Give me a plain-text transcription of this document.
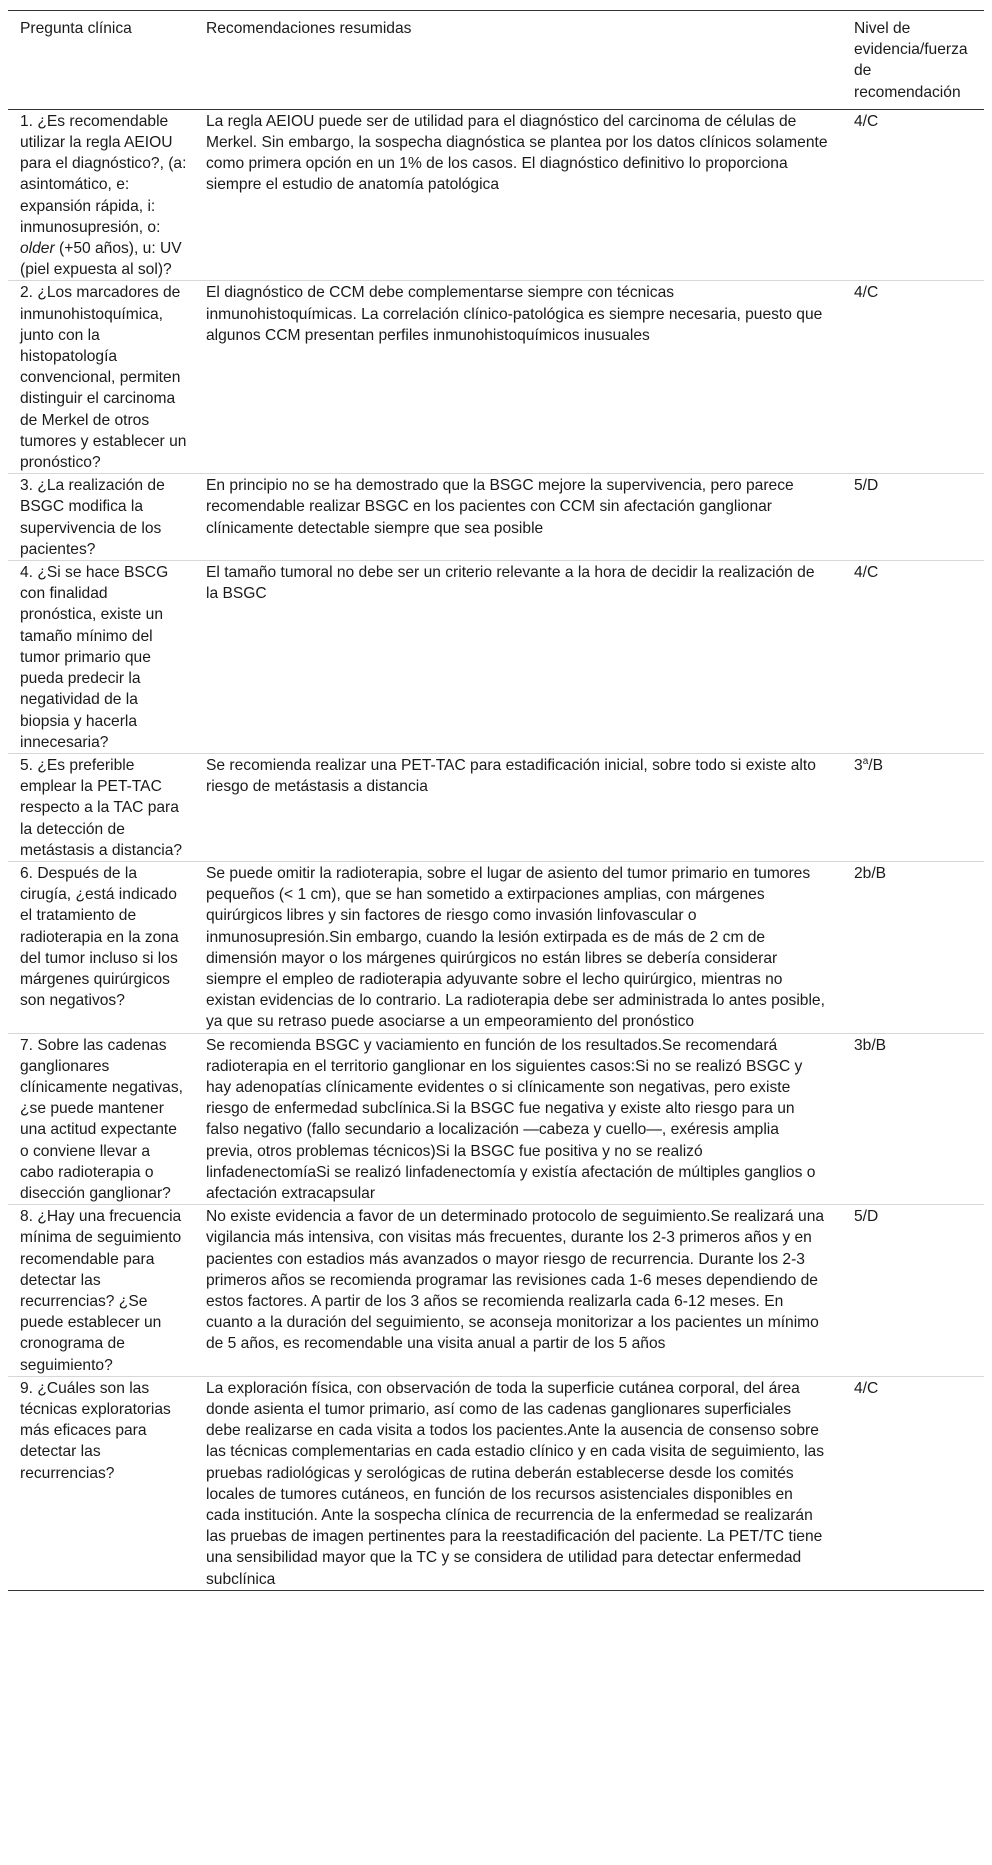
Pregunta clínica	Recomendaciones resumidas	Nivel de evidencia/fuerza de recomendación
1. ¿Es recomendable utilizar la regla AEIOU para el diagnóstico?, (a: asintomático, e: expansión rápida, i: inmunosupresión, o: older (+50 años), u: UV (piel expuesta al sol)?	La regla AEIOU puede ser de utilidad para el diagnóstico del carcinoma de células de Merkel. Sin embargo, la sospecha diagnóstica se plantea por los datos clínicos solamente como primera opción en un 1% de los casos. El diagnóstico definitivo lo proporciona siempre el estudio de anatomía patológica	4/C
2. ¿Los marcadores de inmunohistoquímica, junto con la histopatología convencional, permiten distinguir el carcinoma de Merkel de otros tumores y establecer un pronóstico?	El diagnóstico de CCM debe complementarse siempre con técnicas inmunohistoquímicas. La correlación clínico-patológica es siempre necesaria, puesto que algunos CCM presentan perfiles inmunohistoquímicos inusuales	4/C
3. ¿La realización de BSGC modifica la supervivencia de los pacientes?	En principio no se ha demostrado que la BSGC mejore la supervivencia, pero parece recomendable realizar BSGC en los pacientes con CCM sin afectación ganglionar clínicamente detectable siempre que sea posible	5/D
4. ¿Si se hace BSCG con finalidad pronóstica, existe un tamaño mínimo del tumor primario que pueda predecir la negatividad de la biopsia y hacerla innecesaria?	El tamaño tumoral no debe ser un criterio relevante a la hora de decidir la realización de la BSGC	4/C
5. ¿Es preferible emplear la PET-TAC respecto a la TAC para la detección de metástasis a distancia?	Se recomienda realizar una PET-TAC para estadificación inicial, sobre todo si existe alto riesgo de metástasis a distancia	3$^a$/B
6. Después de la cirugía, ¿está indicado el tratamiento de radioterapia en la zona del tumor incluso si los márgenes quirúrgicos son negativos?	Se puede omitir la radioterapia, sobre el lugar de asiento del tumor primario en tumores pequeños (< 1 cm), que se han sometido a extirpaciones amplias, con márgenes quirúrgicos libres y sin factores de riesgo como invasión linfovascular o inmunosupresión.Sin embargo, cuando la lesión extirpada es de más de 2 cm de dimensión mayor o los márgenes quirúrgicos no están libres se debería considerar siempre el empleo de radioterapia adyuvante sobre el lecho quirúrgico, mientras no existan evidencias de lo contrario. La radioterapia debe ser administrada lo antes posible, ya que su retraso puede asociarse a un empeoramiento del pronóstico	2b/B
7. Sobre las cadenas ganglionares clínicamente negativas, ¿se puede mantener una actitud expectante o conviene llevar a cabo radioterapia o disección ganglionar?	Se recomienda BSGC y vaciamiento en función de los resultados.Se recomendará radioterapia en el territorio ganglionar en los siguientes casos:Si no se realizó BSGC y hay adenopatías clínicamente evidentes o si clínicamente son negativas, pero existe riesgo de enfermedad subclínica.Si la BSGC fue negativa y existe alto riesgo para un falso negativo (fallo secundario a localización —cabeza y cuello—, exéresis amplia previa, otros problemas técnicos)Si la BSGC fue positiva y no se realizó linfadenectomíaSi se realizó linfadenectomía y existía afectación de múltiples ganglios o afectación extracapsular	3b/B
8. ¿Hay una frecuencia mínima de seguimiento recomendable para detectar las recurrencias? ¿Se puede establecer un cronograma de seguimiento?	No existe evidencia a favor de un determinado protocolo de seguimiento.Se realizará una vigilancia más intensiva, con visitas más frecuentes, durante los 2-3 primeros años y en pacientes con estadios más avanzados o mayor riesgo de recurrencia. Durante los 2-3 primeros años se recomienda programar las revisiones cada 1-6 meses dependiendo de estos factores. A partir de los 3 años se recomienda realizarla cada 6-12 meses. En cuanto a la duración del seguimiento, se aconseja monitorizar a los pacientes un mínimo de 5 años, es recomendable una visita anual a partir de los 5 años	5/D
9. ¿Cuáles son las técnicas exploratorias más eficaces para detectar las recurrencias?	La exploración física, con observación de toda la superficie cutánea corporal, del área donde asienta el tumor primario, así como de las cadenas ganglionares superficiales debe realizarse en cada visita a todos los pacientes.Ante la ausencia de consenso sobre las técnicas complementarias en cada estadio clínico y en cada visita de seguimiento, las pruebas radiológicas y serológicas de rutina deberán establecerse desde los comités locales de tumores cutáneos, en función de los recursos asistenciales disponibles en cada institución. Ante la sospecha clínica de recurrencia de la enfermedad se realizarán las pruebas de imagen pertinentes para la reestadificación del paciente. La PET/TC tiene una sensibilidad mayor que la TC y se considera de utilidad para detectar enfermedad subclínica	4/C
